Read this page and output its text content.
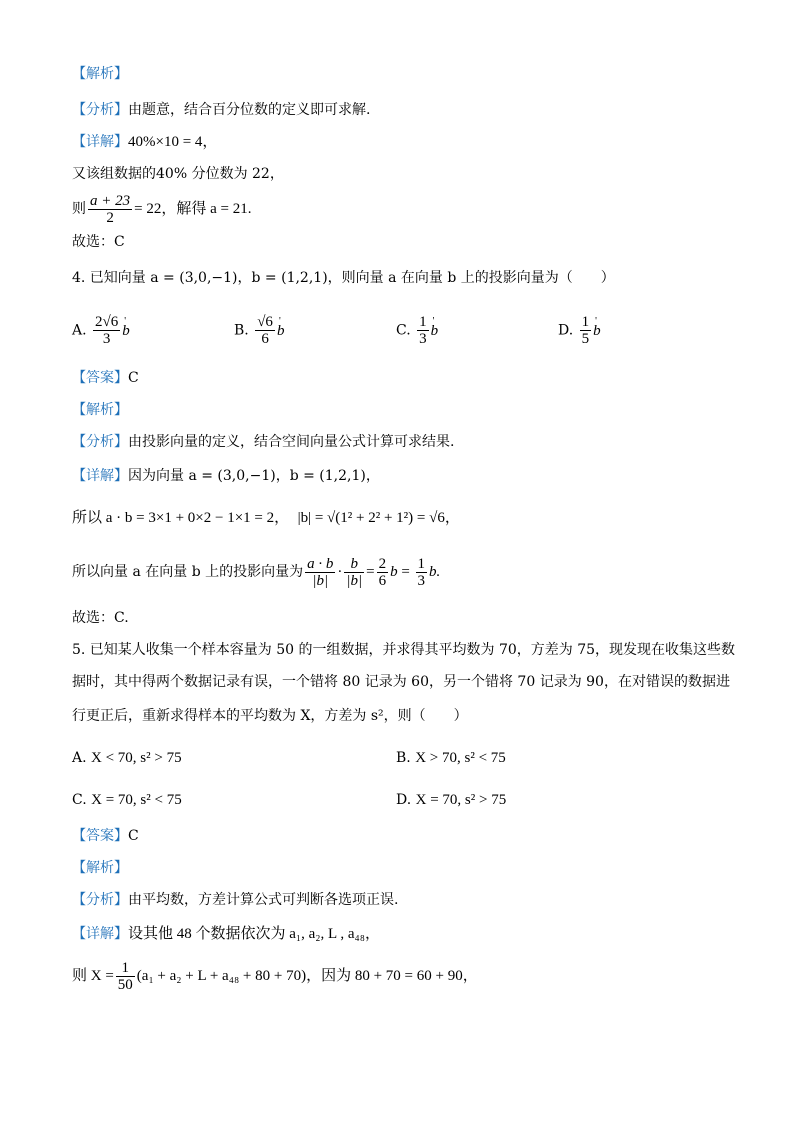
【解析】
【分析】由题意，结合百分位数的定义即可求解.
【详解】40%×10 = 4，
又该组数据的40% 分位数为 22，
则 $\frac{a + 23}{2} = 22$，解得 a = 21.
故选：C
4. 已知向量 a = (3,0,−1)，b = (1,2,1)，则向量 a 在向量 b 上的投影向量为（　　）
A. $\frac{2√6}{3}$ ' b	B. $\frac{√6}{6}$ ' b	C. $\frac{1}{3}$ ' b	D. $\frac{1}{5}$ ' b
【答案】C
【解析】
【分析】由投影向量的定义，结合空间向量公式计算可求结果.
【详解】因为向量 a = (3,0,−1)，b = (1,2,1)，
所以 a · b = 3×1 + 0×2 − 1×1 = 2， |b| = √(1² + 2² + 1²) = √6，
所以向量 a 在向量 b 上的投影向量为 $\frac{a \cdot b}{|b|} \cdot \frac{b}{|b|} = \frac{2}{6}$ $b = \frac{1}{3} b$.
故选：C.
5. 已知某人收集一个样本容量为 50 的一组数据，并求得其平均数为 70，方差为 75，现发现在收集这些数
据时，其中得两个数据记录有误，一个错将 80 记录为 60，另一个错将 70 记录为 90，在对错误的数据进
行更正后，重新求得样本的平均数为 X，方差为 s²，则（　　）
A. X < 70, s² > 75	B. X > 70, s² < 75
C. X = 70, s² < 75	D. X = 70, s² > 75
【答案】C
【解析】
【分析】由平均数，方差计算公式可判断各选项正误.
【详解】设其他 48 个数据依次为 a₁, a₂, L , a₄₈，
则 $X = \frac{1}{50} (a_1 + a_2 + L + a_{48} + 80 + 70)$，因为 80 + 70 = 60 + 90，
